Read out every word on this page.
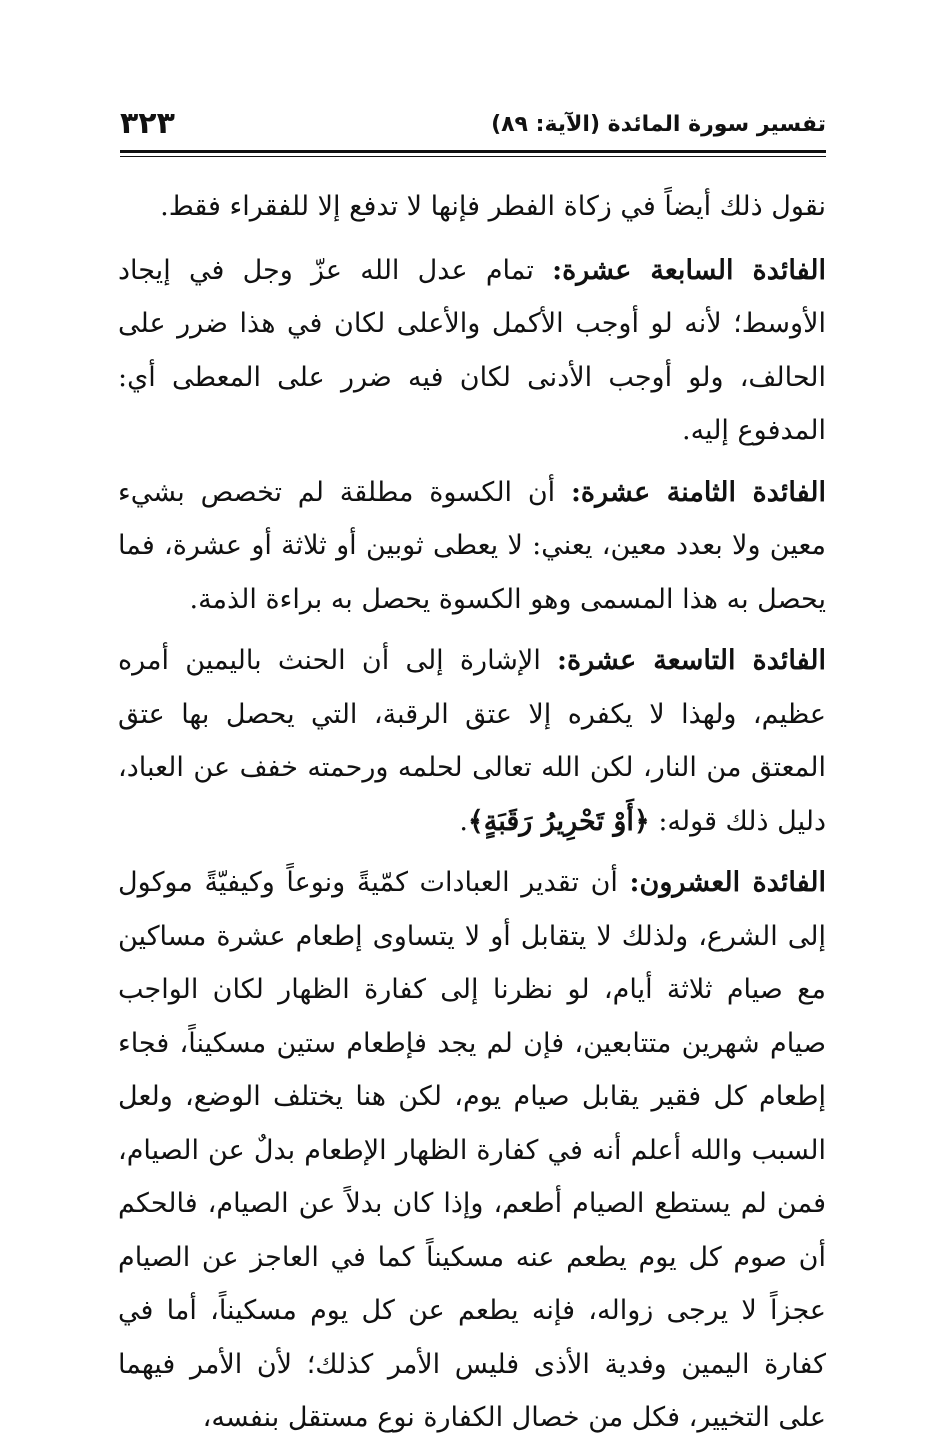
تفسير سورة المائدة (الآية: ٨٩)
٣٢٣

نقول ذلك أيضاً في زكاة الفطر فإنها لا تدفع إلا للفقراء فقط.

الفائدة السابعة عشرة: تمام عدل الله عزّ وجل في إيجاد الأوسط؛ لأنه لو أوجب الأكمل والأعلى لكان في هذا ضرر على الحالف، ولو أوجب الأدنى لكان فيه ضرر على المعطى أي: المدفوع إليه.

الفائدة الثامنة عشرة: أن الكسوة مطلقة لم تخصص بشيء معين ولا بعدد معين، يعني: لا يعطى ثوبين أو ثلاثة أو عشرة، فما يحصل به هذا المسمى وهو الكسوة يحصل به براءة الذمة.

الفائدة التاسعة عشرة: الإشارة إلى أن الحنث باليمين أمره عظيم، ولهذا لا يكفره إلا عتق الرقبة، التي يحصل بها عتق المعتق من النار، لكن الله تعالى لحلمه ورحمته خفف عن العباد، دليل ذلك قوله: ﴿أَوْ تَحْرِيرُ رَقَبَةٍ﴾.

الفائدة العشرون: أن تقدير العبادات كمّيةً ونوعاً وكيفيّةً موكول إلى الشرع، ولذلك لا يتقابل أو لا يتساوى إطعام عشرة مساكين مع صيام ثلاثة أيام، لو نظرنا إلى كفارة الظهار لكان الواجب صيام شهرين متتابعين، فإن لم يجد فإطعام ستين مسكيناً، فجاء إطعام كل فقير يقابل صيام يوم، لكن هنا يختلف الوضع، ولعل السبب والله أعلم أنه في كفارة الظهار الإطعام بدلٌ عن الصيام، فمن لم يستطع الصيام أطعم، وإذا كان بدلاً عن الصيام، فالحكم أن صوم كل يوم يطعم عنه مسكيناً كما في العاجز عن الصيام عجزاً لا يرجى زواله، فإنه يطعم عن كل يوم مسكيناً، أما في كفارة اليمين وفدية الأذى فليس الأمر كذلك؛ لأن الأمر فيهما على التخيير، فكل من خصال الكفارة نوع مستقل بنفسه،
